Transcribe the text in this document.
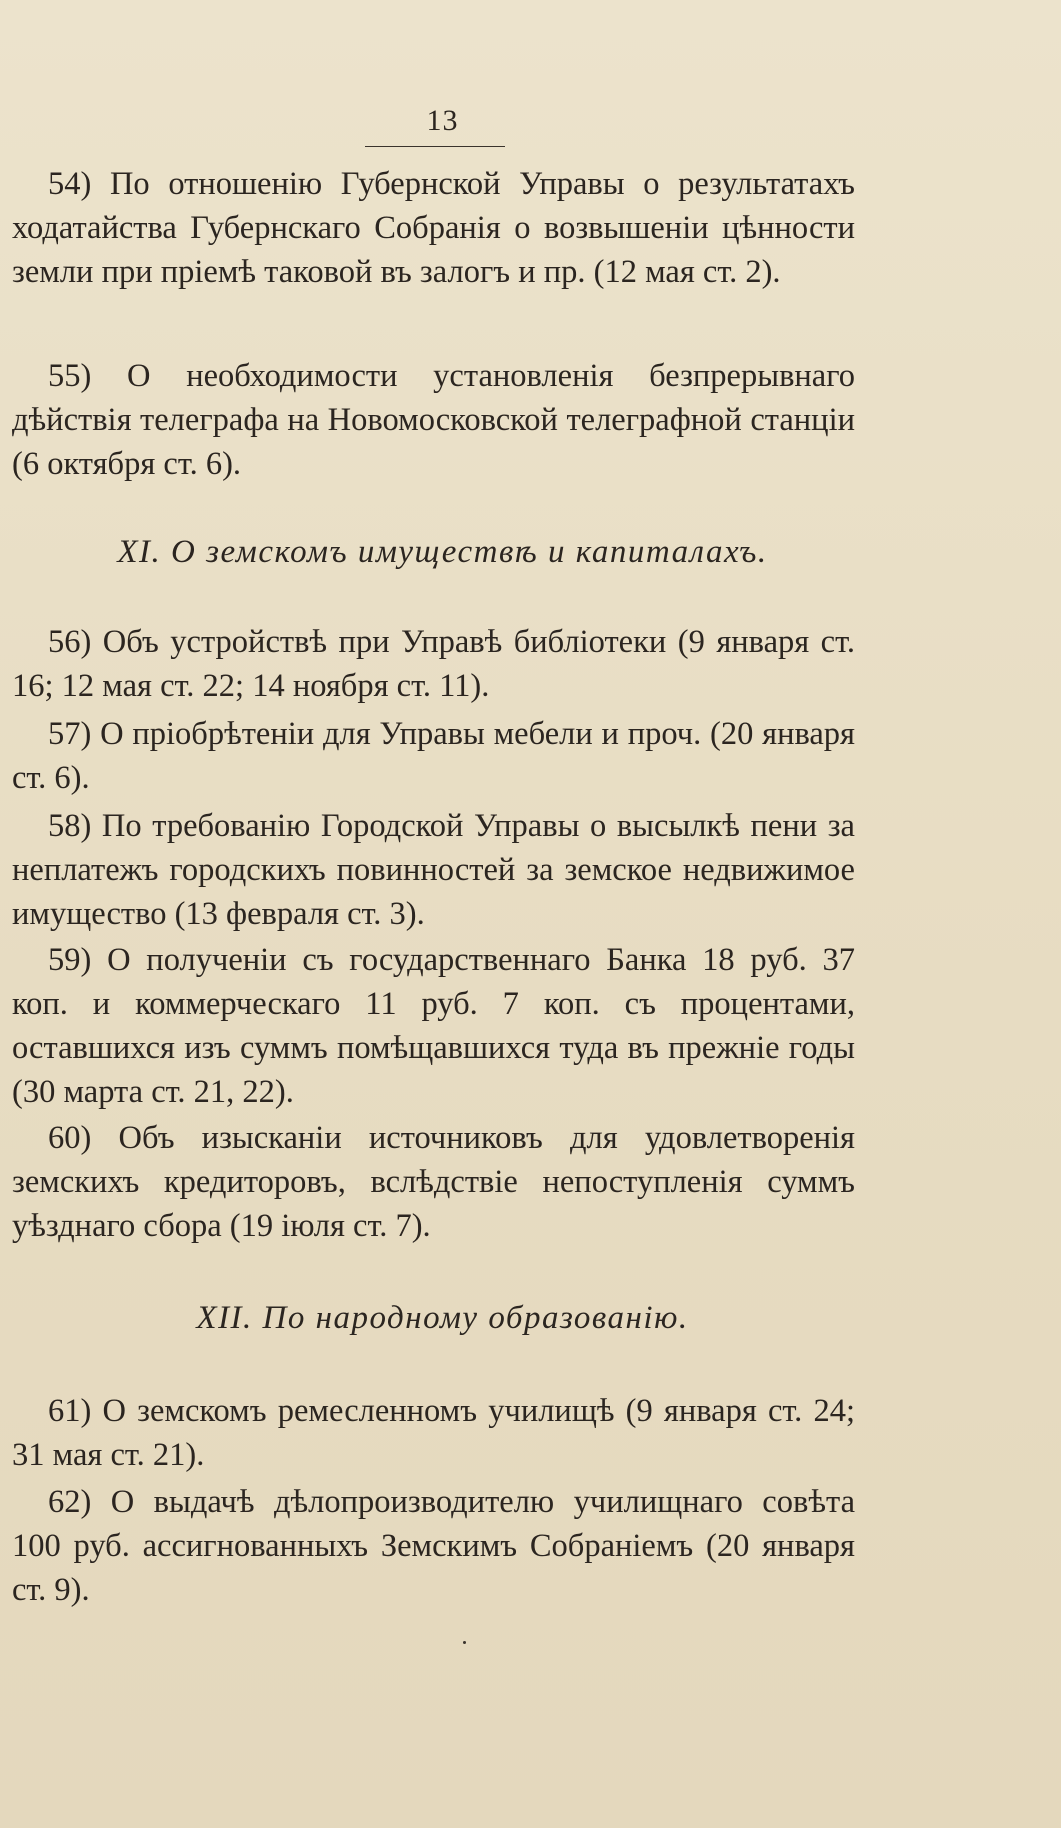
13

54) По отношенію Губернской Управы о результатахъ ходатайства Губернскаго Собранія о возвышеніи цѣнности земли при пріемѣ таковой въ залогъ и пр. (12 мая ст. 2).

55) О необходимости установленія безпрерывнаго дѣйствія телеграфа на Новомосковской телеграфной станціи (6 октября ст. 6).

XI. О земскомъ имуществѣ и капиталахъ.

56) Объ устройствѣ при Управѣ библіотеки (9 января ст. 16; 12 мая ст. 22; 14 ноября ст. 11).

57) О пріобрѣтеніи для Управы мебели и проч. (20 января ст. 6).

58) По требованію Городской Управы о высылкѣ пени за неплатежъ городскихъ повинностей за земское недвижимое имущество (13 февраля ст. 3).

59) О полученіи съ государственнаго Банка 18 руб. 37 коп. и коммерческаго 11 руб. 7 коп. съ процентами, оставшихся изъ суммъ помѣщавшихся туда въ прежніе годы (30 марта ст. 21, 22).

60) Объ изысканіи источниковъ для удовлетворенія земскихъ кредиторовъ, вслѣдствіе непоступленія суммъ уѣзднаго сбора (19 іюля ст. 7).

XII. По народному образованію.

61) О земскомъ ремесленномъ училищѣ (9 января ст. 24; 31 мая ст. 21).

62) О выдачѣ дѣлопроизводителю училищнаго совѣта 100 руб. ассигнованныхъ Земскимъ Собраніемъ (20 января ст. 9).
